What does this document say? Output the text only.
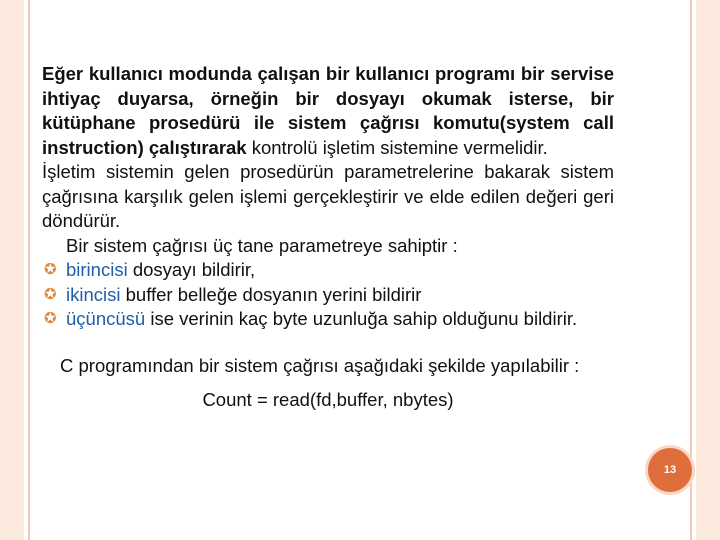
Eğer kullanıcı modunda çalışan bir kullanıcı programı bir servise ihtiyaç duyarsa, örneğin bir dosyayı okumak isterse, bir kütüphane prosedürü ile sistem çağrısı komutu(system call instruction) çalıştırarak kontrolü işletim sistemine vermelidir.

İşletim sistemin gelen prosedürün parametrelerine bakarak sistem çağrısına karşılık gelen işlemi gerçekleştirir ve elde edilen değeri geri döndürür.

Bir sistem çağrısı üç tane parametreye sahiptir :

✪ birincisi dosyayı bildirir,

✪ ikincisi buffer belleğe dosyanın yerini bildirir

✪ üçüncüsü ise verinin kaç byte uzunluğa sahip olduğunu bildirir.

C programından bir sistem çağrısı aşağıdaki şekilde yapılabilir :

Count = read(fd,buffer, nbytes)

13
